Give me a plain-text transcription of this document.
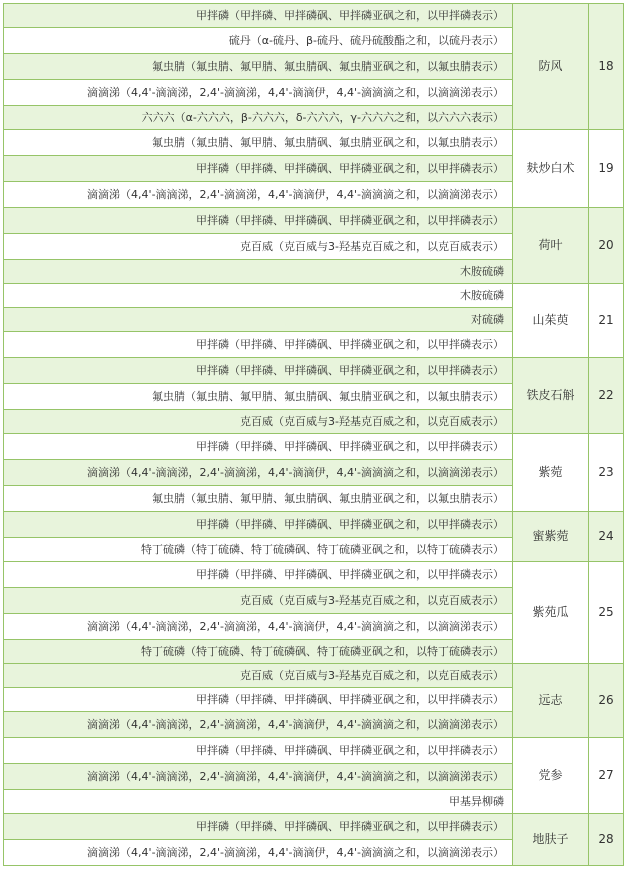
甲拌磷（甲拌磷、甲拌磷砜、甲拌磷亚砜之和，以甲拌磷表示）	防风	18
硫丹（α-硫丹、β-硫丹、硫丹硫酸酯之和，以硫丹表示）		
氟虫腈（氟虫腈、氟甲腈、氟虫腈砜、氟虫腈亚砜之和，以氟虫腈表示）		
滴滴涕（4,4'-滴滴涕，2,4'-滴滴涕，4,4'-滴滴伊，4,4'-滴滴滴之和，以滴滴涕表示）		
六六六（α-六六六，β-六六六，δ-六六六，γ-六六六之和，以六六六表示）		
氟虫腈（氟虫腈、氟甲腈、氟虫腈砜、氟虫腈亚砜之和，以氟虫腈表示）	麸炒白术	19
甲拌磷（甲拌磷、甲拌磷砜、甲拌磷亚砜之和，以甲拌磷表示）		
滴滴涕（4,4'-滴滴涕，2,4'-滴滴涕，4,4'-滴滴伊，4,4'-滴滴滴之和，以滴滴涕表示）		
甲拌磷（甲拌磷、甲拌磷砜、甲拌磷亚砜之和，以甲拌磷表示）	荷叶	20
克百威（克百威与3-羟基克百威之和，以克百威表示）		
木胺硫磷		
木胺硫磷	山茱萸	21
对硫磷		
甲拌磷（甲拌磷、甲拌磷砜、甲拌磷亚砜之和，以甲拌磷表示）		
甲拌磷（甲拌磷、甲拌磷砜、甲拌磷亚砜之和，以甲拌磷表示）	铁皮石斛	22
氟虫腈（氟虫腈、氟甲腈、氟虫腈砜、氟虫腈亚砜之和，以氟虫腈表示）		
克百威（克百威与3-羟基克百威之和，以克百威表示）		
甲拌磷（甲拌磷、甲拌磷砜、甲拌磷亚砜之和，以甲拌磷表示）	紫菀	23
滴滴涕（4,4'-滴滴涕，2,4'-滴滴涕，4,4'-滴滴伊，4,4'-滴滴滴之和，以滴滴涕表示）		
氟虫腈（氟虫腈、氟甲腈、氟虫腈砜、氟虫腈亚砜之和，以氟虫腈表示）		
甲拌磷（甲拌磷、甲拌磷砜、甲拌磷亚砜之和，以甲拌磷表示）	蜜紫菀	24
特丁硫磷（特丁硫磷、特丁硫磷砜、特丁硫磷亚砜之和，以特丁硫磷表示）		
甲拌磷（甲拌磷、甲拌磷砜、甲拌磷亚砜之和，以甲拌磷表示）	紫苑瓜	25
克百威（克百威与3-羟基克百威之和，以克百威表示）		
滴滴涕（4,4'-滴滴涕，2,4'-滴滴涕，4,4'-滴滴伊，4,4'-滴滴滴之和，以滴滴涕表示）		
特丁硫磷（特丁硫磷、特丁硫磷砜、特丁硫磷亚砜之和，以特丁硫磷表示）		
克百威（克百威与3-羟基克百威之和，以克百威表示）	远志	26
甲拌磷（甲拌磷、甲拌磷砜、甲拌磷亚砜之和，以甲拌磷表示）		
滴滴涕（4,4'-滴滴涕，2,4'-滴滴涕，4,4'-滴滴伊，4,4'-滴滴滴之和，以滴滴涕表示）		
甲拌磷（甲拌磷、甲拌磷砜、甲拌磷亚砜之和，以甲拌磷表示）	党参	27
滴滴涕（4,4'-滴滴涕，2,4'-滴滴涕，4,4'-滴滴伊，4,4'-滴滴滴之和，以滴滴涕表示）		
甲基异柳磷		
甲拌磷（甲拌磷、甲拌磷砜、甲拌磷亚砜之和，以甲拌磷表示）	地肤子	28
滴滴涕（4,4'-滴滴涕，2,4'-滴滴涕，4,4'-滴滴伊，4,4'-滴滴滴之和，以滴滴涕表示）		
